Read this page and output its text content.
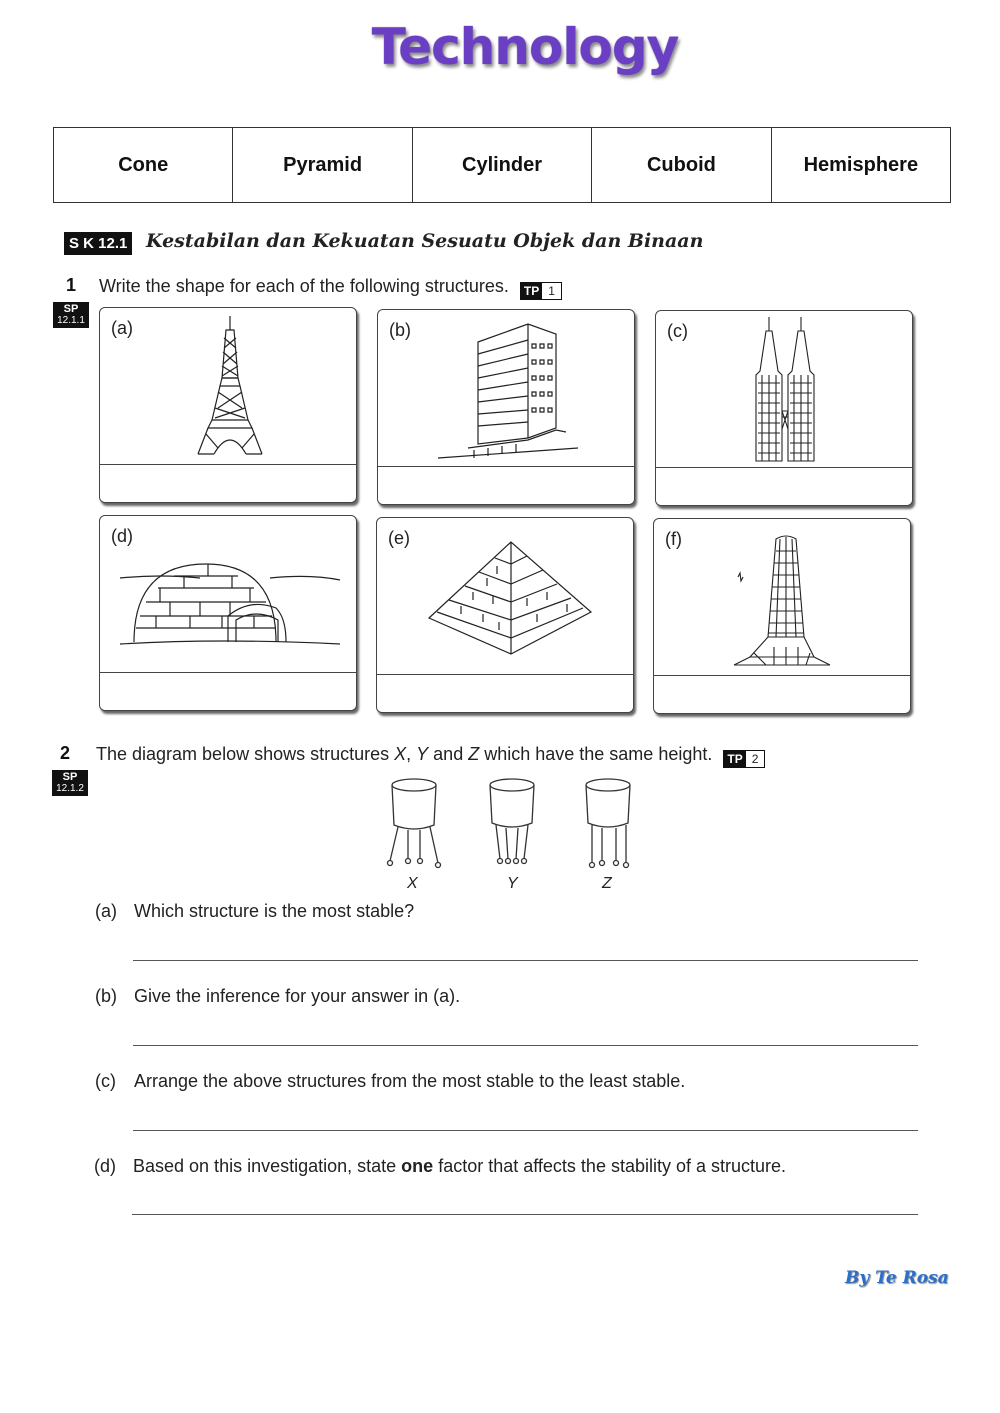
Technology
Cone	Pyramid	Cylinder	Cuboid	Hemisphere
S K 12.1 Kestabilan dan Kekuatan Sesuatu Objek dan Binaan
1 Write the shape for each of the following structures. TP 1
SP
12.1.1 (a)	(b)	(c)
(d)	(e)	(f)
2 The diagram below shows structures X, Y and Z which have the same height. TP 2
SP
12.1.2
X	Y	Z
(a) Which structure is the most stable?
(b) Give the inference for your answer in (a).
(c) Arrange the above structures from the most stable to the least stable.
(d) Based on this investigation, state one factor that affects the stability of a structure.
By Te Rosa
